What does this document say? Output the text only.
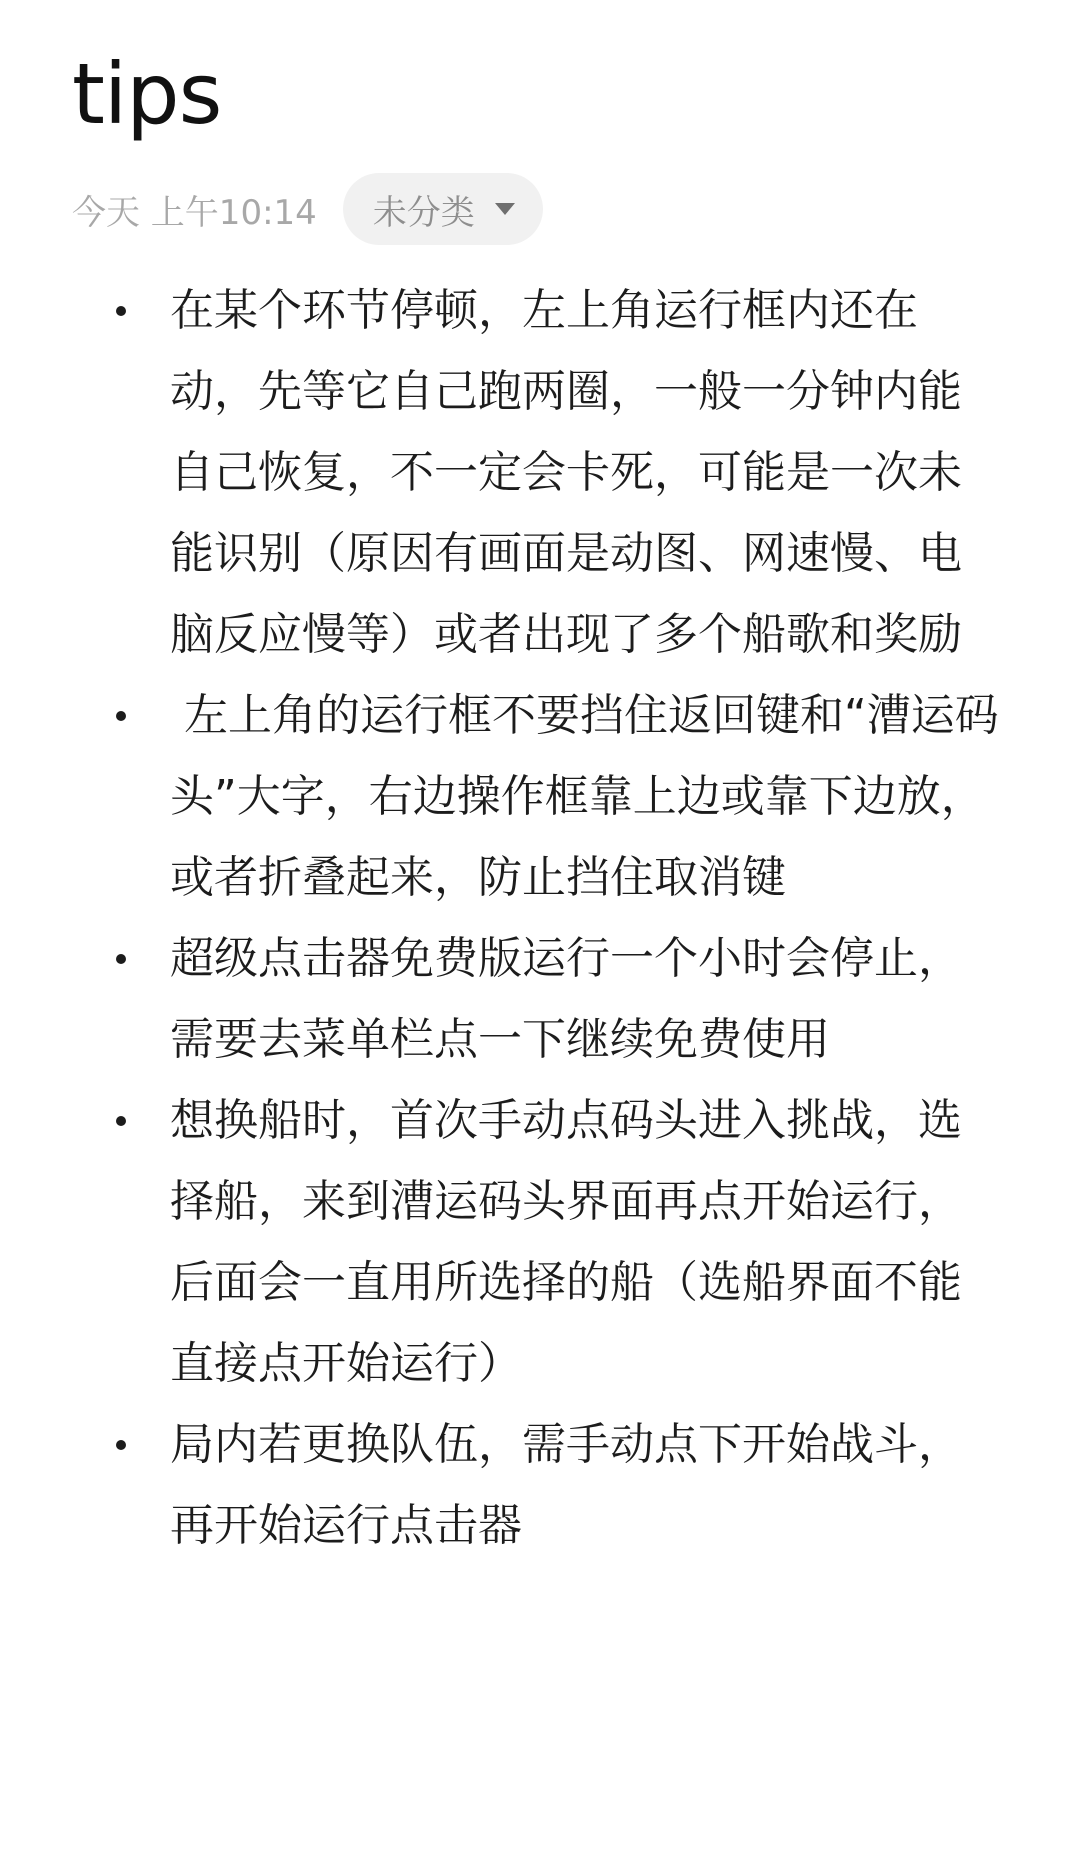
tips
今天 上午10:14 未分类
在某个环节停顿，左上角运行框内还在动，先等它自己跑两圈，一般一分钟内能自己恢复，不一定会卡死，可能是一次未能识别（原因有画面是动图、网速慢、电脑反应慢等）或者出现了多个船歌和奖励
左上角的运行框不要挡住返回键和“漕运码头”大字，右边操作框靠上边或靠下边放，或者折叠起来，防止挡住取消键
超级点击器免费版运行一个小时会停止，需要去菜单栏点一下继续免费使用
想换船时，首次手动点码头进入挑战，选择船，来到漕运码头界面再点开始运行，后面会一直用所选择的船（选船界面不能直接点开始运行）
局内若更换队伍，需手动点下开始战斗，再开始运行点击器
